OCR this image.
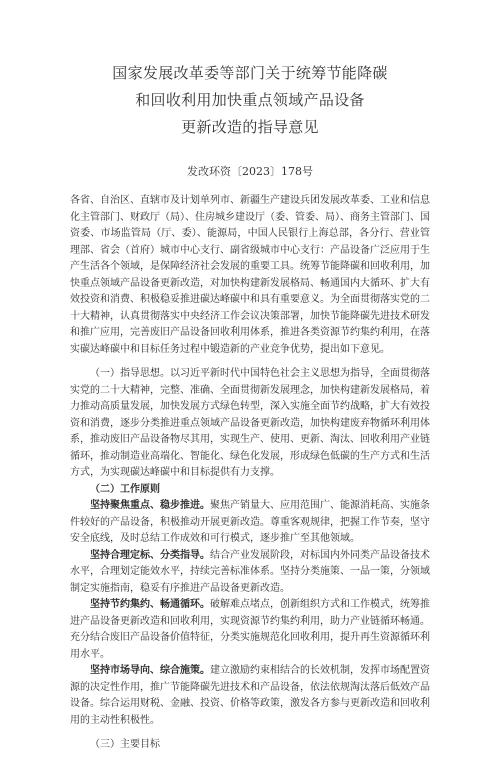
国家发展改革委等部门关于统筹节能降碳
和回收利用加快重点领域产品设备
更新改造的指导意见
发改环资〔2023〕178号

各省、自治区、直辖市及计划单列市、新疆生产建设兵团发展改革委、工业和信息化主管部门、财政厅（局）、住房城乡建设厅（委、管委、局）、商务主管部门、国资委、市场监管局（厅、委）、能源局，中国人民银行上海总部，各分行、营业管理部、省会（首府）城市中心支行、副省级城市中心支行：产品设备广泛应用于生产生活各个领域，是保障经济社会发展的重要工具。统筹节能降碳和回收利用，加快重点领域产品设备更新改造，对加快构建新发展格局、畅通国内大循环、扩大有效投资和消费、积极稳妥推进碳达峰碳中和具有重要意义。为全面贯彻落实党的二十大精神，认真贯彻落实中央经济工作会议决策部署，加快节能降碳先进技术研发和推广应用，完善废旧产品设备回收利用体系，推进各类资源节约集约利用，在落实碳达峰碳中和目标任务过程中锻造新的产业竞争优势，提出如下意见。

（一）指导思想。以习近平新时代中国特色社会主义思想为指导，全面贯彻落实党的二十大精神，完整、准确、全面贯彻新发展理念，加快构建新发展格局，着力推动高质量发展，加快发展方式绿色转型，深入实施全面节约战略，扩大有效投资和消费，逐步分类推进重点领域产品设备更新改造，加快构建废弃物循环利用体系，推动废旧产品设备物尽其用，实现生产、使用、更新、淘汰、回收利用产业链循环，推动制造业高端化、智能化、绿色化发展，形成绿色低碳的生产方式和生活方式，为实现碳达峰碳中和目标提供有力支撑。

（二）工作原则

坚持聚焦重点、稳步推进。聚焦产销量大、应用范围广、能源消耗高、实施条件较好的产品设备，积极推动开展更新改造。尊重客观规律，把握工作节奏，坚守安全底线，及时总结工作成效和可行模式，逐步推广至其他领域。

坚持合理定标、分类指导。结合产业发展阶段，对标国内外同类产品设备技术水平，合理划定能效水平，持续完善标准体系。坚持分类施策、一品一策，分领域制定实施指南，稳妥有序推进产品设备更新改造。

坚持节约集约、畅通循环。破解难点堵点，创新组织方式和工作模式，统筹推进产品设备更新改造和回收利用，实现资源节约集约利用，助力产业链循环畅通。充分结合废旧产品设备价值特征，分类实施规范化回收利用，提升再生资源循环利用水平。

坚持市场导向、综合施策。建立激励约束相结合的长效机制，发挥市场配置资源的决定性作用，推广节能降碳先进技术和产品设备，依法依规淘汰落后低效产品设备。综合运用财税、金融、投资、价格等政策，激发各方参与更新改造和回收利用的主动性积极性。

（三）主要目标
